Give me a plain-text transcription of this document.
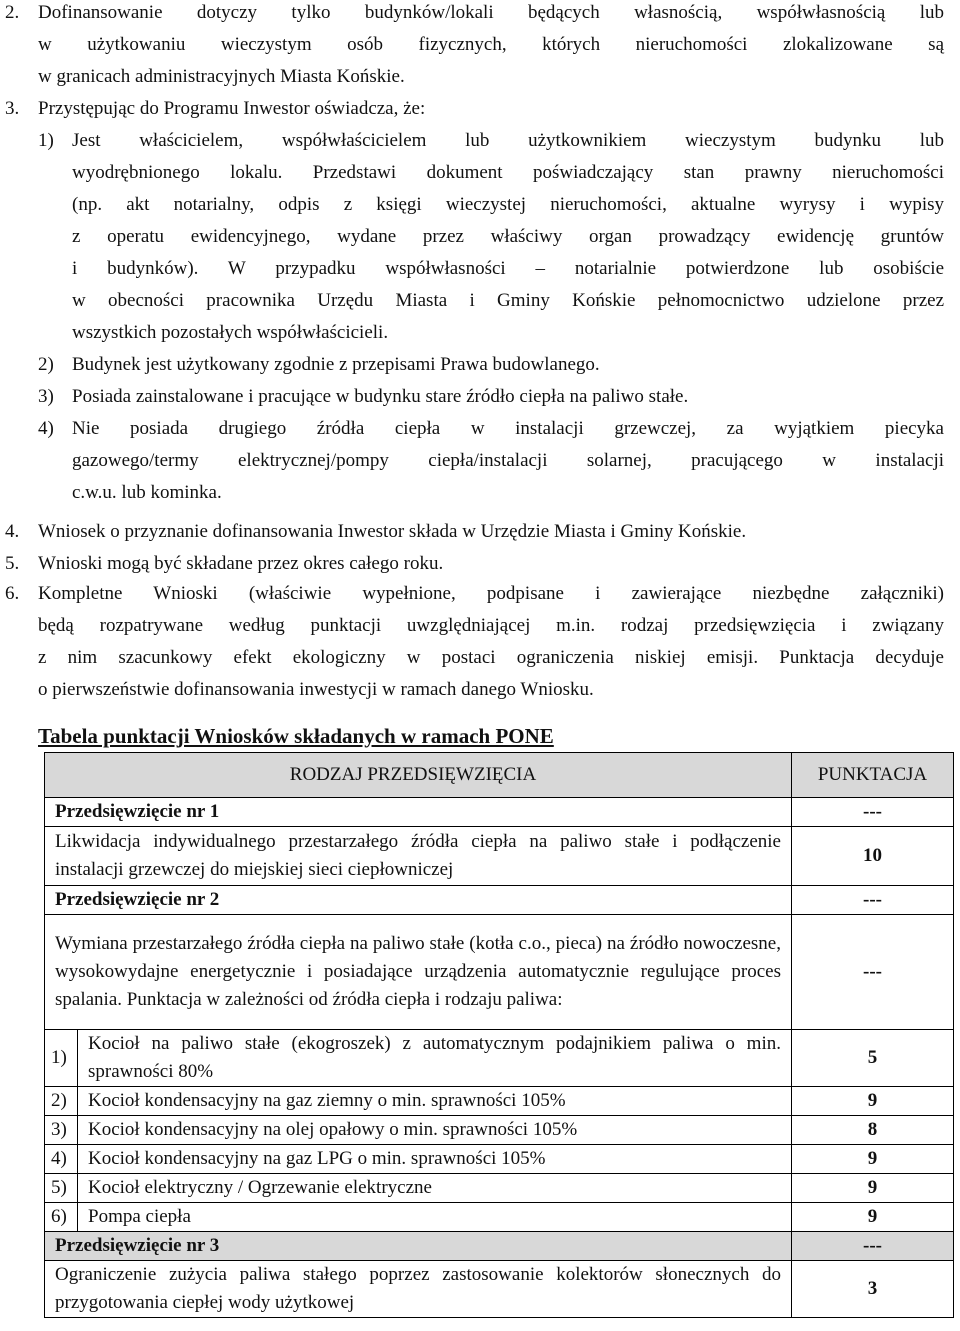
2. Dofinansowanie dotyczy tylko budynków/lokali będących własnością, współwłasnością lub
w użytkowaniu wieczystym osób fizycznych, których nieruchomości zlokalizowane są
w granicach administracyjnych Miasta Końskie.
3. Przystępując do Programu Inwestor oświadcza, że:
1) Jest właścicielem, współwłaścicielem lub użytkownikiem wieczystym budynku lub
wyodrębnionego lokalu. Przedstawi dokument poświadczający stan prawny nieruchomości
(np. akt notarialny, odpis z księgi wieczystej nieruchomości, aktualne wyrysy i wypisy
z operatu ewidencyjnego, wydane przez właściwy organ prowadzący ewidencję gruntów
i budynków). W przypadku współwłasności – notarialnie potwierdzone lub osobiście
w obecności pracownika Urzędu Miasta i Gminy Końskie pełnomocnictwo udzielone przez
wszystkich pozostałych współwłaścicieli.
2) Budynek jest użytkowany zgodnie z przepisami Prawa budowlanego.
3) Posiada zainstalowane i pracujące w budynku stare źródło ciepła na paliwo stałe.
4) Nie posiada drugiego źródła ciepła w instalacji grzewczej, za wyjątkiem piecyka
gazowego/termy elektrycznej/pompy ciepła/instalacji solarnej, pracującego w instalacji
c.w.u. lub kominka.
4. Wniosek o przyznanie dofinansowania Inwestor składa w Urzędzie Miasta i Gminy Końskie.
5. Wnioski mogą być składane przez okres całego roku.
6. Kompletne Wnioski (właściwie wypełnione, podpisane i zawierające niezbędne załączniki)
będą rozpatrywane według punktacji uwzględniającej m.in. rodzaj przedsięwzięcia i związany
z nim szacunkowy efekt ekologiczny w postaci ograniczenia niskiej emisji. Punktacja decyduje
o pierwszeństwie dofinansowania inwestycji w ramach danego Wniosku.
Tabela punktacji Wniosków składanych w ramach PONE
RODZAJ PRZEDSIĘWZIĘCIA		PUNKTACJA
Przedsięwzięcie nr 1		---
Likwidacja indywidualnego przestarzałego źródła ciepła na paliwo stałe i podłączenie instalacji grzewczej do miejskiej sieci ciepłowniczej		10
Przedsięwzięcie nr 2		---
Wymiana przestarzałego źródła ciepła na paliwo stałe (kotła c.o., pieca) na źródło nowoczesne, wysokowydajne energetycznie i posiadające urządzenia automatycznie regulujące proces spalania. Punktacja w zależności od źródła ciepła i rodzaju paliwa:		---
1)	Kocioł na paliwo stałe (ekogroszek) z automatycznym podajnikiem paliwa o min. sprawności 80%	5
2)	Kocioł kondensacyjny na gaz ziemny o min. sprawności 105%	9
3)	Kocioł kondensacyjny na olej opałowy o min. sprawności 105%	8
4)	Kocioł kondensacyjny na gaz LPG o min. sprawności 105%	9
5)	Kocioł elektryczny / Ogrzewanie elektryczne	9
6)	Pompa ciepła	9
Przedsięwzięcie nr 3		---
Ograniczenie zużycia paliwa stałego poprzez zastosowanie kolektorów słonecznych do przygotowania ciepłej wody użytkowej		3
